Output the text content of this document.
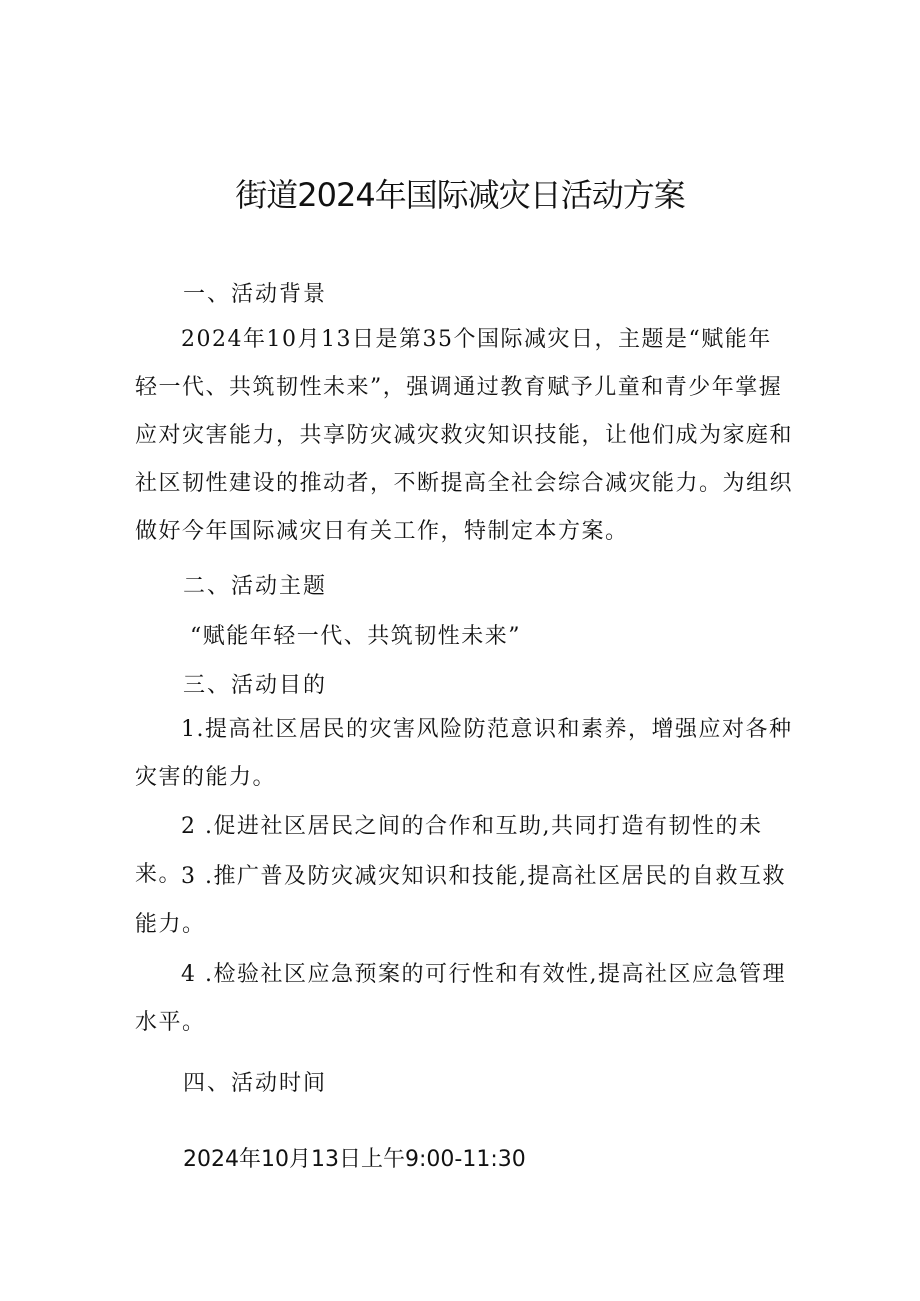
街道2024年国际减灾日活动方案

一、活动背景

2024年10月13日是第35个国际减灾日，主题是“赋能年轻一代、共筑韧性未来”，强调通过教育赋予儿童和青少年掌握应对灾害能力，共享防灾减灾救灾知识技能，让他们成为家庭和社区韧性建设的推动者，不断提高全社会综合减灾能力。为组织做好今年国际减灾日有关工作，特制定本方案。

二、活动主题

“赋能年轻一代、共筑韧性未来”

三、活动目的

1.提高社区居民的灾害风险防范意识和素养，增强应对各种灾害的能力。

2 .促进社区居民之间的合作和互助,共同打造有韧性的未来。

3 .推广普及防灾减灾知识和技能,提高社区居民的自救互救能力。

4 .检验社区应急预案的可行性和有效性,提高社区应急管理水平。

四、活动时间

2024年10月13日上午9:00-11:30
